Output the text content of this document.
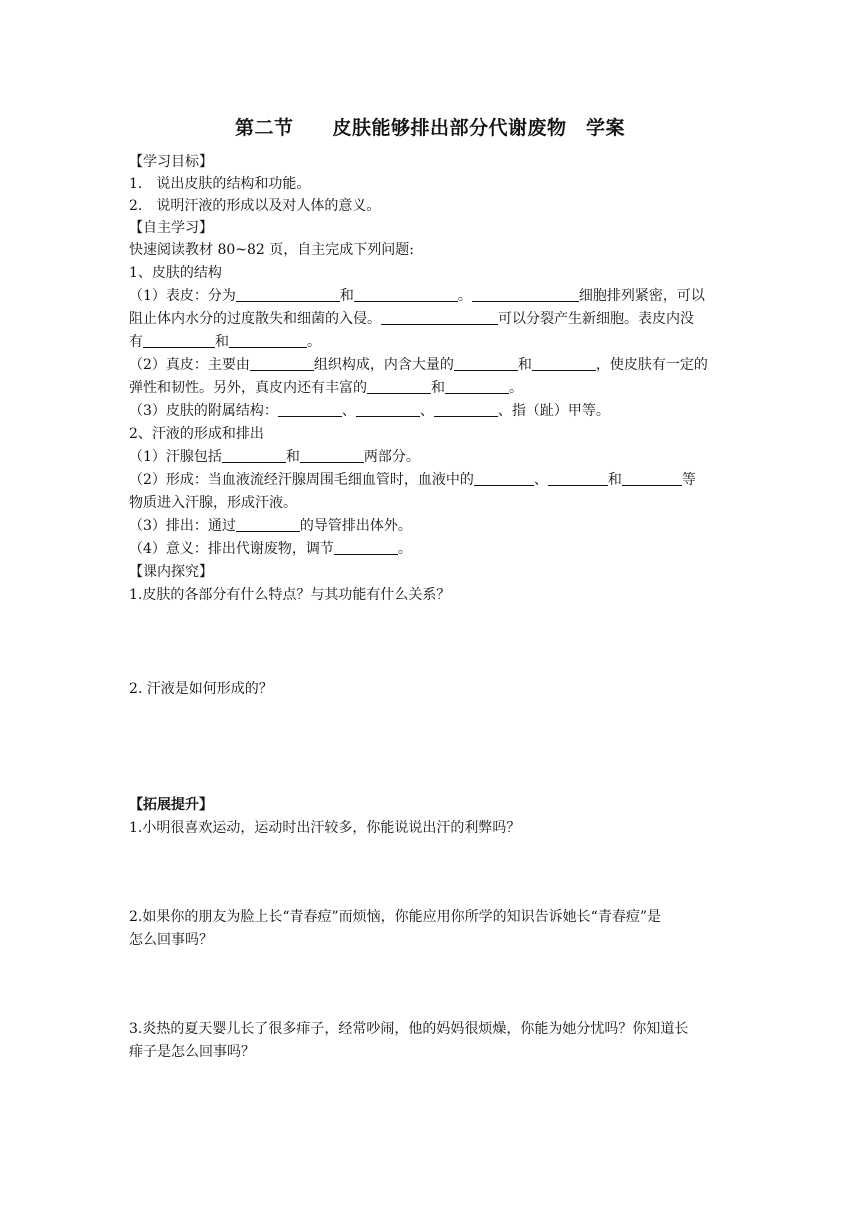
第二节　　皮肤能够排出部分代谢废物　学案
【学习目标】
1． 说出皮肤的结构和功能。
2． 说明汗液的形成以及对人体的意义。
【自主学习】
快速阅读教材 80~82 页，自主完成下列问题:
1、皮肤的结构
（1）表皮：分为	和	。	细胞排列紧密，可以
阻止体内水分的过度散失和细菌的入侵。	可以分裂产生新细胞。表皮内没
有	和	。
（2）真皮：主要由	组织构成，内含大量的	和	，使皮肤有一定的
弹性和韧性。另外，真皮内还有丰富的	和	。
（3）皮肤的附属结构：	、	、	、指（趾）甲等。
2、汗液的形成和排出
（1）汗腺包括	和	两部分。
（2）形成：当血液流经汗腺周围毛细血管时，血液中的	、	和	等
物质进入汗腺，形成汗液。
（3）排出：通过	的导管排出体外。
（4）意义：排出代谢废物，调节	。
【课内探究】
1.皮肤的各部分有什么特点？与其功能有什么关系？
2. 汗液是如何形成的？
【拓展提升】
1.小明很喜欢运动，运动时出汗较多，你能说说出汗的利弊吗？
2.如果你的朋友为脸上长“青春痘”而烦恼，你能应用你所学的知识告诉她长“青春痘”是
怎么回事吗？
3.炎热的夏天婴儿长了很多痱子，经常吵闹，他的妈妈很烦燥，你能为她分忧吗？你知道长
痱子是怎么回事吗？
